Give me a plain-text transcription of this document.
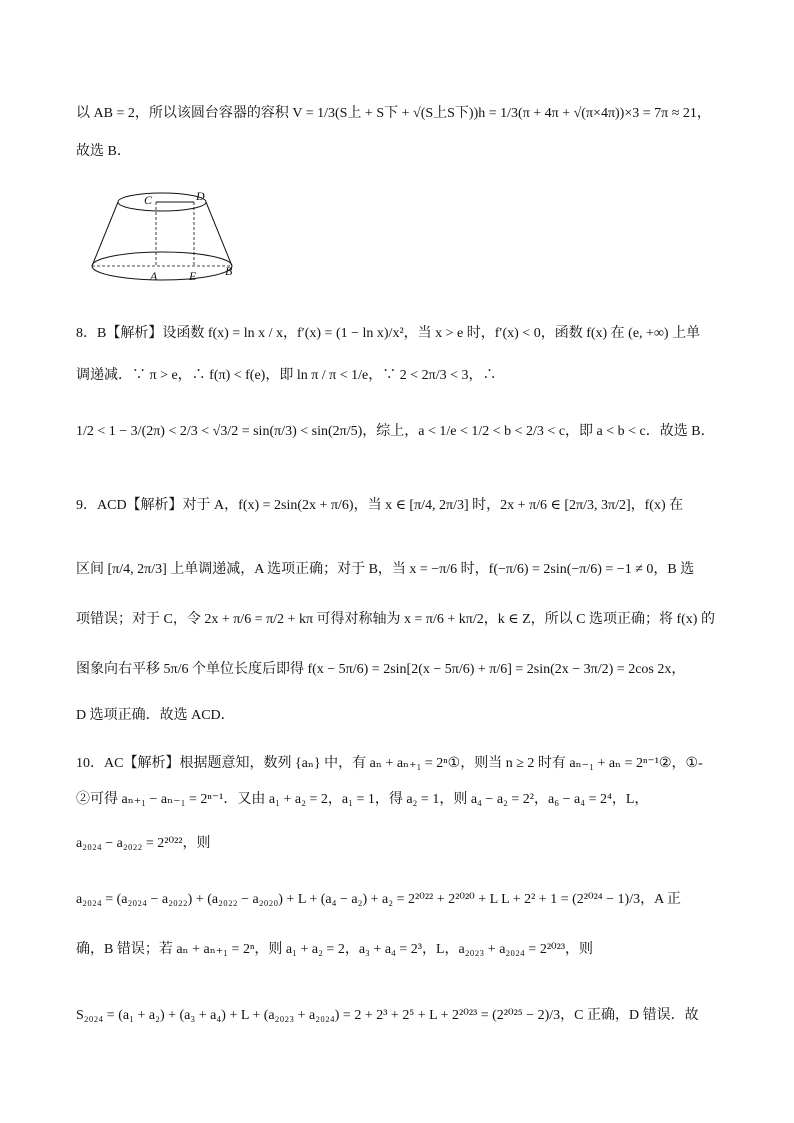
以 AB = 2，所以该圆台容器的容积 V = 1/3(S上 + S下 + √(S上S下))h = 1/3(π + 4π + √(π×4π))×3 = 7π ≈ 21，
故选 B．
C	D
A	E B
8．B【解析】设函数 f(x) = ln x / x，f′(x) = (1 − ln x)/x²，当 x > e 时，f′(x) < 0，函数 f(x) 在 (e, +∞) 上单
调递减．∵ π > e，∴ f(π) < f(e)，即 ln π / π < 1/e，∵ 2 < 2π/3 < 3，∴
1/2 < 1 − 3/(2π) < 2/3 < √3/2 = sin(π/3) < sin(2π/5)，综上，a < 1/e < 1/2 < b < 2/3 < c，即 a < b < c．故选 B．
9．ACD【解析】对于 A，f(x) = 2sin(2x + π/6)，当 x ∈ [π/4, 2π/3] 时，2x + π/6 ∈ [2π/3, 3π/2]，f(x) 在
区间 [π/4, 2π/3] 上单调递减，A 选项正确；对于 B，当 x = −π/6 时，f(−π/6) = 2sin(−π/6) = −1 ≠ 0，B 选
项错误；对于 C，令 2x + π/6 = π/2 + kπ 可得对称轴为 x = π/6 + kπ/2，k ∈ Z，所以 C 选项正确；将 f(x) 的
图象向右平移 5π/6 个单位长度后即得 f(x − 5π/6) = 2sin[2(x − 5π/6) + π/6] = 2sin(2x − 3π/2) = 2cos 2x，
D 选项正确．故选 ACD．
10．AC【解析】根据题意知，数列 {aₙ} 中，有 aₙ + aₙ₊₁ = 2ⁿ①，则当 n ≥ 2 时有 aₙ₋₁ + aₙ = 2ⁿ⁻¹②，①-
②可得 aₙ₊₁ − aₙ₋₁ = 2ⁿ⁻¹．又由 a₁ + a₂ = 2，a₁ = 1，得 a₂ = 1，则 a₄ − a₂ = 2²，a₆ − a₄ = 2⁴，L，
a₂₀₂₄ − a₂₀₂₂ = 2²⁰²²，则
a₂₀₂₄ = (a₂₀₂₄ − a₂₀₂₂) + (a₂₀₂₂ − a₂₀₂₀) + L + (a₄ − a₂) + a₂ = 2²⁰²² + 2²⁰²⁰ + L L + 2² + 1 = (2²⁰²⁴ − 1)/3，A 正
确，B 错误；若 aₙ + aₙ₊₁ = 2ⁿ，则 a₁ + a₂ = 2，a₃ + a₄ = 2³，L，a₂₀₂₃ + a₂₀₂₄ = 2²⁰²³，则
S₂₀₂₄ = (a₁ + a₂) + (a₃ + a₄) + L + (a₂₀₂₃ + a₂₀₂₄) = 2 + 2³ + 2⁵ + L + 2²⁰²³ = (2²⁰²⁵ − 2)/3，C 正确，D 错误．故
